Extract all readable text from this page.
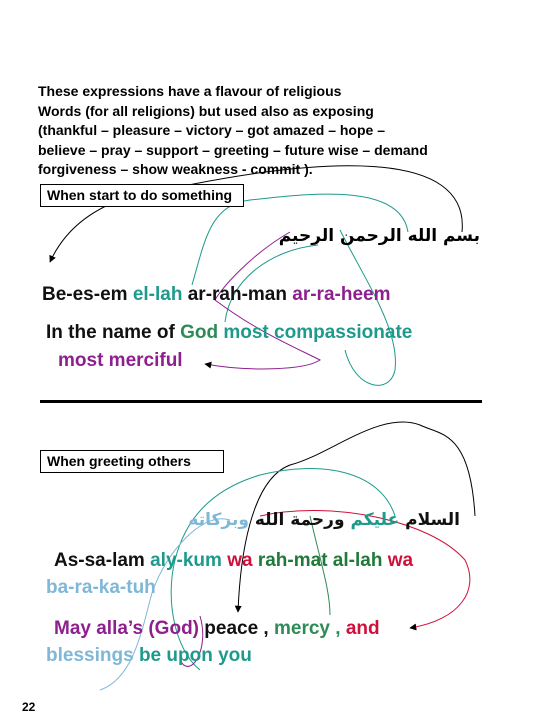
These expressions have a flavour of religious
Words (for all religions) but used also as exposing
(thankful – pleasure – victory – got amazed – hope –
believe – pray – support – greeting – future wise – demand
forgiveness – show weakness - commit ).
When start to do something
بسم الله الرحمن الرحيم
Be-es-em el-lah ar-rah-man ar-ra-heem
In the name of God most compassionate
most merciful
When greeting others
السلام عليكم ورحمة الله وبركاته
As-sa-lam aly-kum wa rah-mat al-lah wa
ba-ra-ka-tuh
May alla’s (God) peace , mercy , and
blessings be upon you
22
